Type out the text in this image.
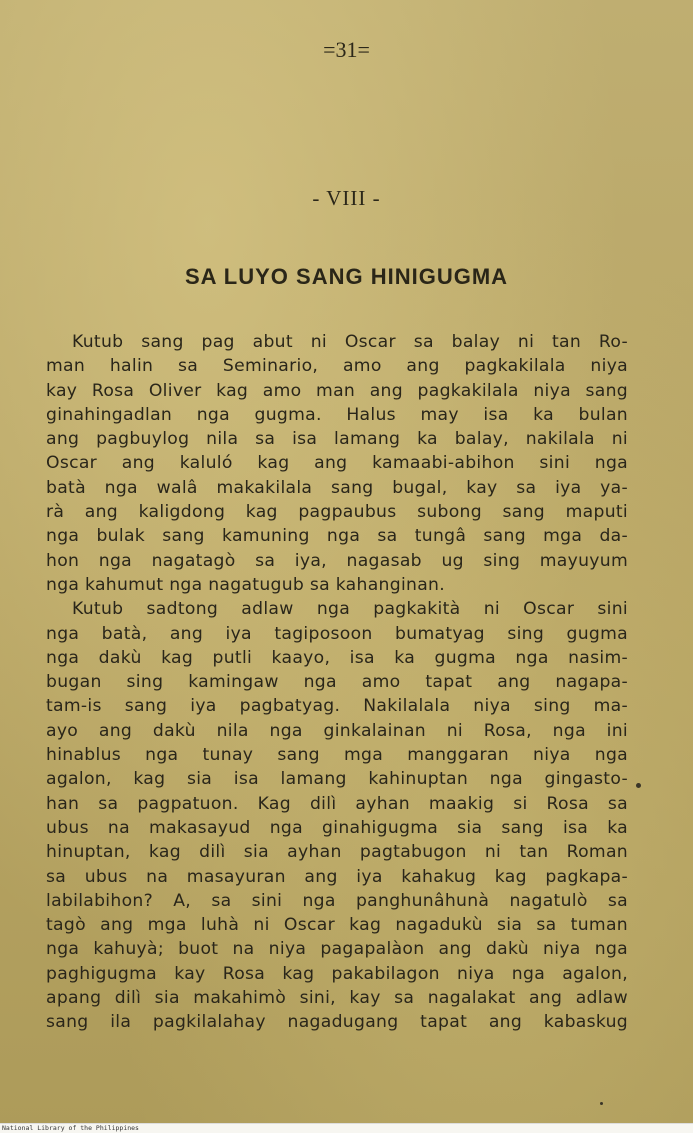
=31=
- VIII -
SA LUYO SANG HINIGUGMA
Kutub sang pag abut ni Oscar sa balay ni tan Ro-
man halin sa Seminario, amo ang pagkakilala niya
kay Rosa Oliver kag amo man ang pagkakilala niya sang
ginahingadlan nga gugma. Halus may isa ka bulan
ang pagbuylog nila sa isa lamang ka balay, nakilala ni
Oscar ang kaluló kag ang kamaabi-abihon sini nga
batà nga walâ makakilala sang bugal, kay sa iya ya-
rà ang kaligdong kag pagpaubus subong sang maputi
nga bulak sang kamuning nga sa tungâ sang mga da-
hon nga nagatagò sa iya, nagasab ug sing mayuyum
nga kahumut nga nagatugub sa kahanginan.
Kutub sadtong adlaw nga pagkakità ni Oscar sini
nga batà, ang iya tagiposoon bumatyag sing gugma
nga dakù kag putli kaayo, isa ka gugma nga nasim-
bugan sing kamingaw nga amo tapat ang nagapa-
tam-is sang iya pagbatyag. Nakilalala niya sing ma-
ayo ang dakù nila nga ginkalainan ni Rosa, nga ini
hinablus nga tunay sang mga manggaran niya nga
agalon, kag sia isa lamang kahinuptan nga gingasto-
han sa pagpatuon. Kag dilì ayhan maakig si Rosa sa
ubus na makasayud nga ginahigugma sia sang isa ka
hinuptan, kag dilì sia ayhan pagtabugon ni tan Roman
sa ubus na masayuran ang iya kahakug kag pagkapa-
labilabihon? A, sa sini nga panghunâhunà nagatulò sa
tagò ang mga luhà ni Oscar kag nagadukù sia sa tuman
nga kahuyà; buot na niya pagapalàon ang dakù niya nga
paghigugma kay Rosa kag pakabilagon niya nga agalon,
apang dilì sia makahimò sini, kay sa nagalakat ang adlaw
sang ila pagkilalahay nagadugang tapat ang kabaskug
National Library of the Philippines
